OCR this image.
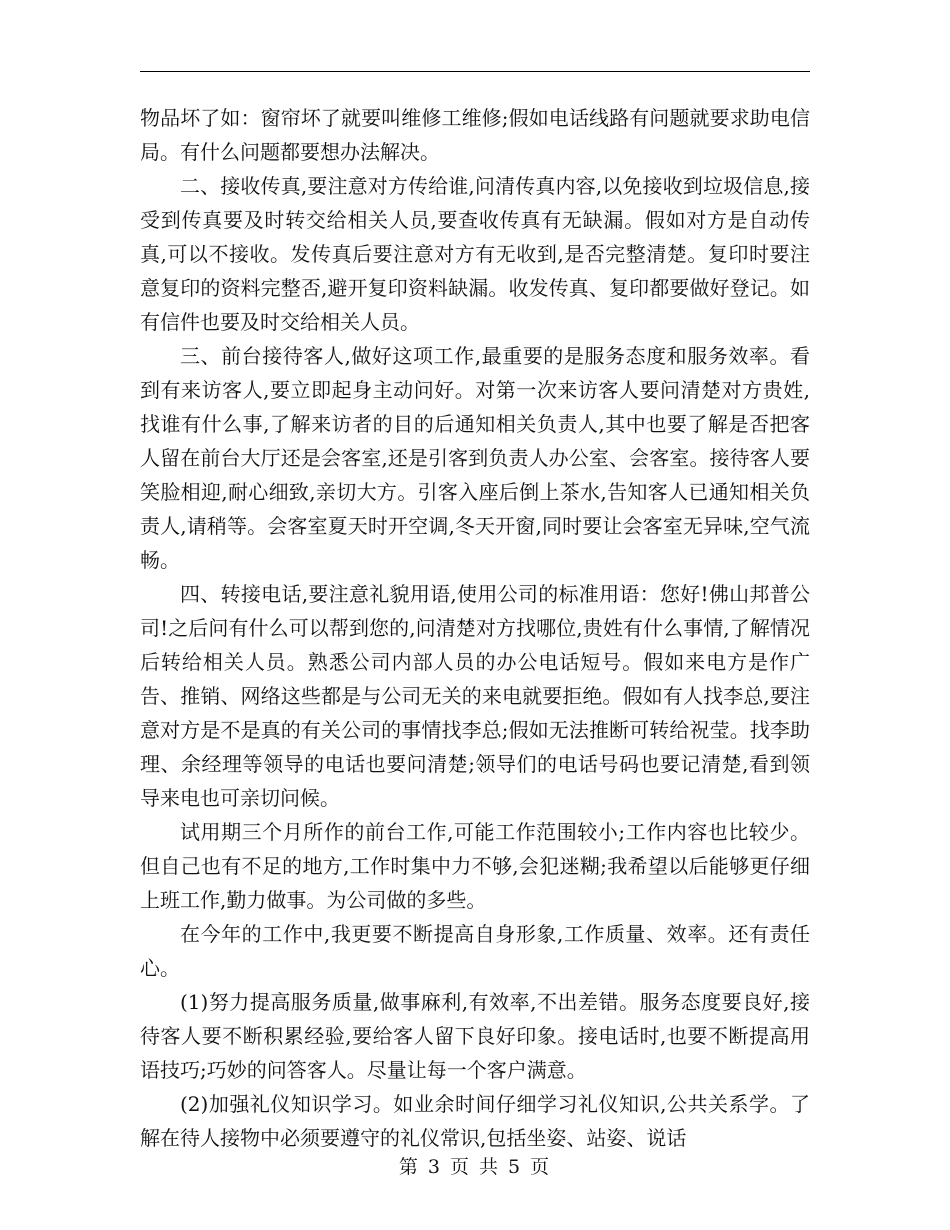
物品坏了如：窗帘坏了就要叫维修工维修;假如电话线路有问题就要求助电信局。有什么问题都要想办法解决。

二、接收传真,要注意对方传给谁,问清传真内容,以免接收到垃圾信息,接受到传真要及时转交给相关人员,要查收传真有无缺漏。假如对方是自动传真,可以不接收。发传真后要注意对方有无收到,是否完整清楚。复印时要注意复印的资料完整否,避开复印资料缺漏。收发传真、复印都要做好登记。如有信件也要及时交给相关人员。

三、前台接待客人,做好这项工作,最重要的是服务态度和服务效率。看到有来访客人,要立即起身主动问好。对第一次来访客人要问清楚对方贵姓,找谁有什么事,了解来访者的目的后通知相关负责人,其中也要了解是否把客人留在前台大厅还是会客室,还是引客到负责人办公室、会客室。接待客人要笑脸相迎,耐心细致,亲切大方。引客入座后倒上茶水,告知客人已通知相关负责人,请稍等。会客室夏天时开空调,冬天开窗,同时要让会客室无异味,空气流畅。

四、转接电话,要注意礼貌用语,使用公司的标准用语：您好!佛山邦普公司!之后问有什么可以帮到您的,问清楚对方找哪位,贵姓有什么事情,了解情况后转给相关人员。熟悉公司内部人员的办公电话短号。假如来电方是作广告、推销、网络这些都是与公司无关的来电就要拒绝。假如有人找李总,要注意对方是不是真的有关公司的事情找李总;假如无法推断可转给祝莹。找李助理、余经理等领导的电话也要问清楚;领导们的电话号码也要记清楚,看到领导来电也可亲切问候。

试用期三个月所作的前台工作,可能工作范围较小;工作内容也比较少。但自己也有不足的地方,工作时集中力不够,会犯迷糊;我希望以后能够更仔细上班工作,勤力做事。为公司做的多些。

在今年的工作中,我更要不断提高自身形象,工作质量、效率。还有责任心。

(1)努力提高服务质量,做事麻利,有效率,不出差错。服务态度要良好,接待客人要不断积累经验,要给客人留下良好印象。接电话时,也要不断提高用语技巧;巧妙的问答客人。尽量让每一个客户满意。

(2)加强礼仪知识学习。如业余时间仔细学习礼仪知识,公共关系学。了解在待人接物中必须要遵守的礼仪常识,包括坐姿、站姿、说话

第 3 页 共 5 页
